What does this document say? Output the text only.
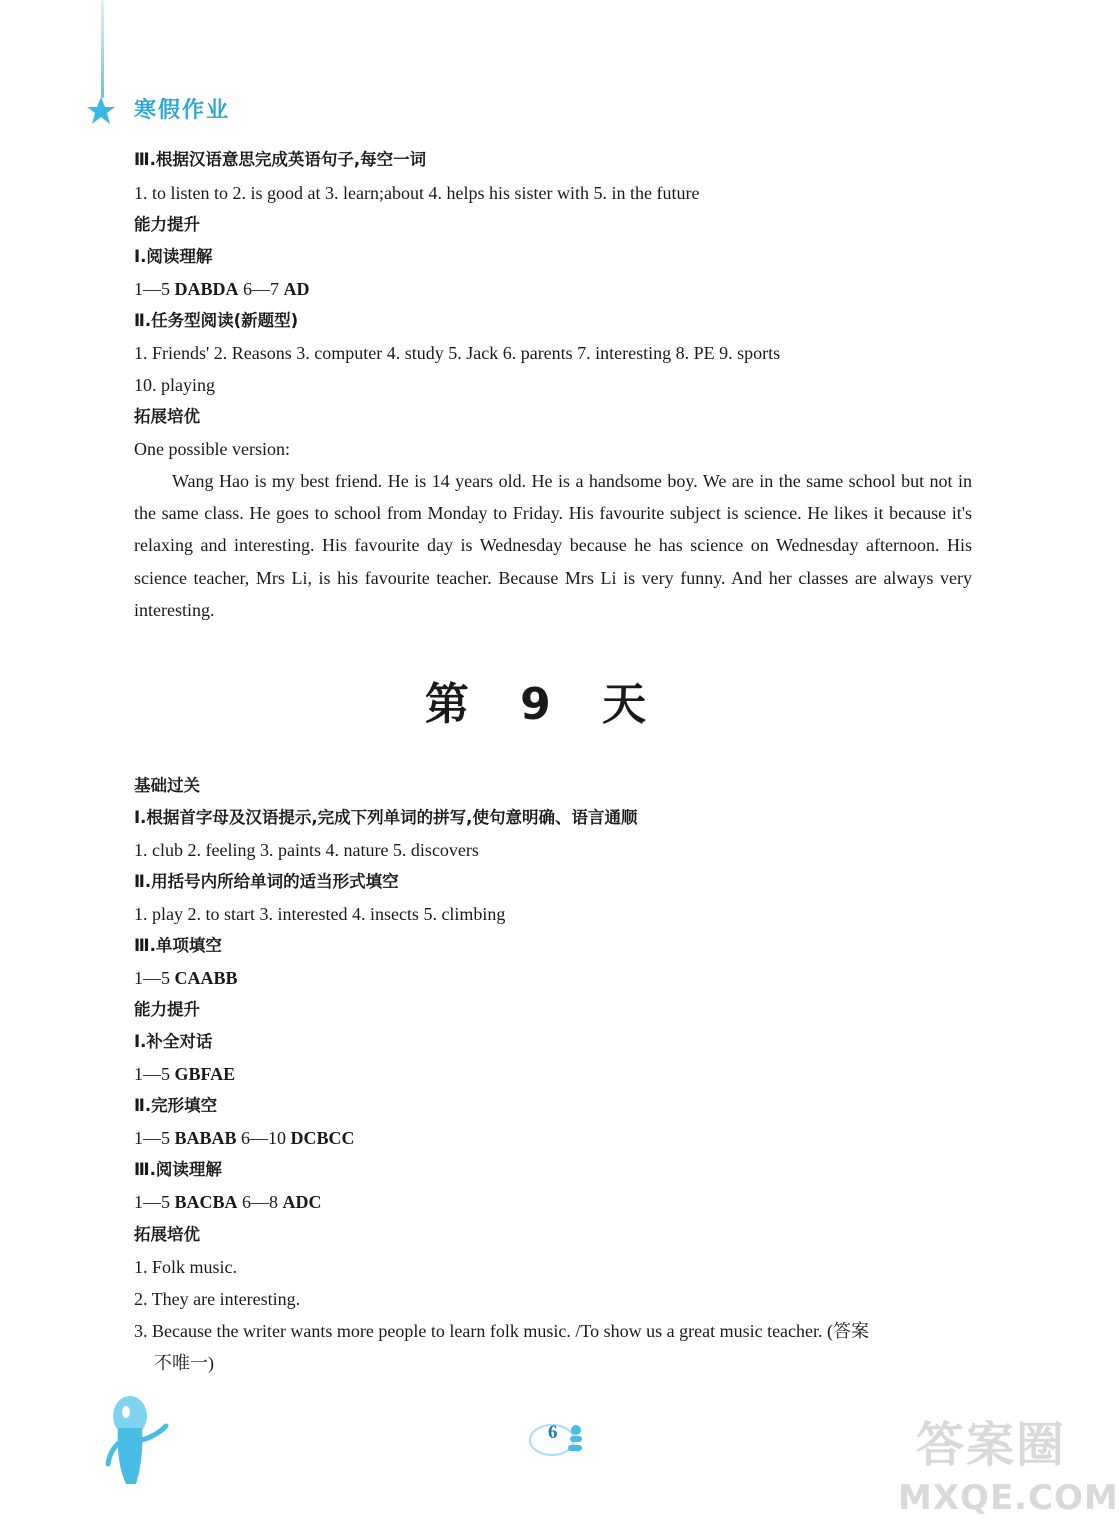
寒假作业
Ⅲ.根据汉语意思完成英语句子,每空一词
1. to listen to 2. is good at 3. learn;about 4. helps his sister with 5. in the future
能力提升
Ⅰ.阅读理解
1—5 DABDA 6—7 AD
Ⅱ.任务型阅读(新题型)
1. Friends' 2. Reasons 3. computer 4. study 5. Jack 6. parents 7. interesting 8. PE 9. sports
10. playing
拓展培优
One possible version:
Wang Hao is my best friend. He is 14 years old. He is a handsome boy. We are in the same school but not in the same class. He goes to school from Monday to Friday. His favourite subject is science. He likes it because it's relaxing and interesting. His favourite day is Wednesday because he has science on Wednesday afternoon. His science teacher, Mrs Li, is his favourite teacher. Because Mrs Li is very funny. And her classes are always very interesting.
第 9 天
基础过关
Ⅰ.根据首字母及汉语提示,完成下列单词的拼写,使句意明确、语言通顺
1. club 2. feeling 3. paints 4. nature 5. discovers
Ⅱ.用括号内所给单词的适当形式填空
1. play 2. to start 3. interested 4. insects 5. climbing
Ⅲ.单项填空
1—5 CAABB
能力提升
Ⅰ.补全对话
1—5 GBFAE
Ⅱ.完形填空
1—5 BABAB 6—10 DCBCC
Ⅲ.阅读理解
1—5 BACBA 6—8 ADC
拓展培优
1. Folk music.
2. They are interesting.
3. Because the writer wants more people to learn folk music. /To show us a great music teacher. (答案
不唯一)
6	答案圈
MXQE.COM
